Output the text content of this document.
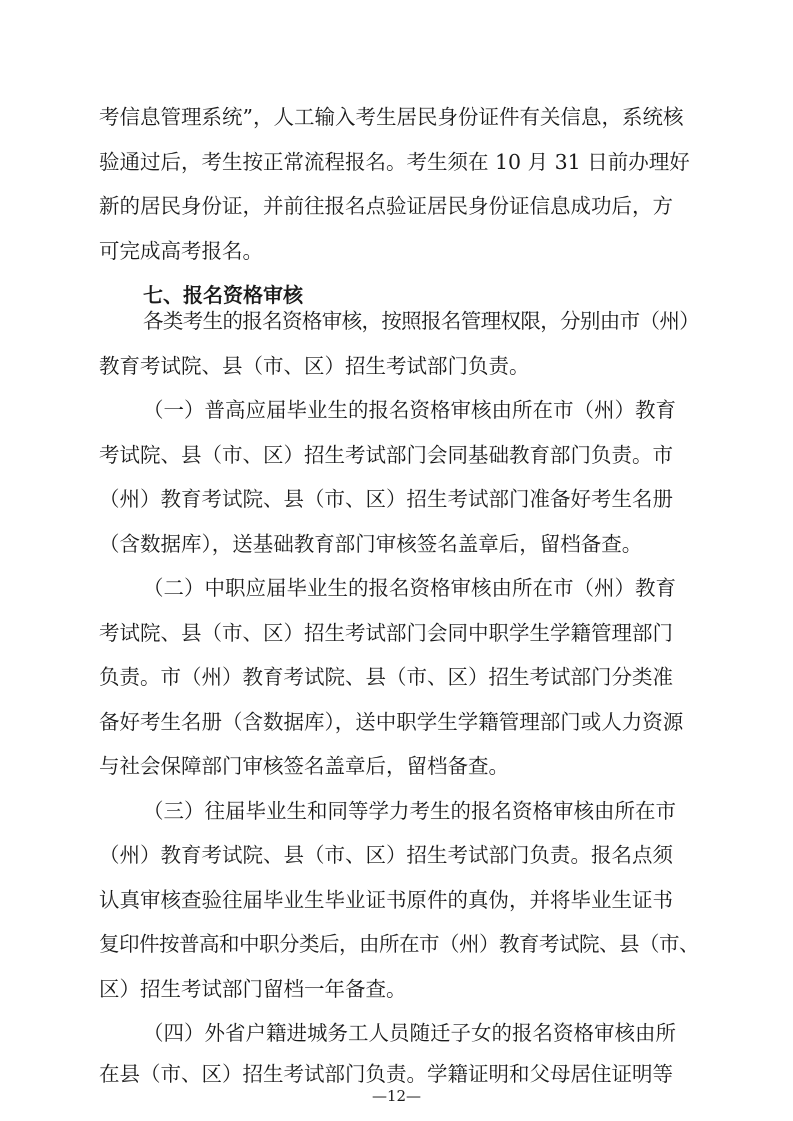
考信息管理系统”，人工输入考生居民身份证件有关信息，系统核
验通过后，考生按正常流程报名。考生须在 10 月 31 日前办理好
新的居民身份证，并前往报名点验证居民身份证信息成功后，方
可完成高考报名。
七、报名资格审核
各类考生的报名资格审核，按照报名管理权限，分别由市（州）
教育考试院、县（市、区）招生考试部门负责。
（一）普高应届毕业生的报名资格审核由所在市（州）教育
考试院、县（市、区）招生考试部门会同基础教育部门负责。市
（州）教育考试院、县（市、区）招生考试部门准备好考生名册
（含数据库），送基础教育部门审核签名盖章后，留档备查。
（二）中职应届毕业生的报名资格审核由所在市（州）教育
考试院、县（市、区）招生考试部门会同中职学生学籍管理部门
负责。市（州）教育考试院、县（市、区）招生考试部门分类准
备好考生名册（含数据库），送中职学生学籍管理部门或人力资源
与社会保障部门审核签名盖章后，留档备查。
（三）往届毕业生和同等学力考生的报名资格审核由所在市
（州）教育考试院、县（市、区）招生考试部门负责。报名点须
认真审核查验往届毕业生毕业证书原件的真伪，并将毕业生证书
复印件按普高和中职分类后，由所在市（州）教育考试院、县（市、
区）招生考试部门留档一年备查。
（四）外省户籍进城务工人员随迁子女的报名资格审核由所
在县（市、区）招生考试部门负责。学籍证明和父母居住证明等
—12—
